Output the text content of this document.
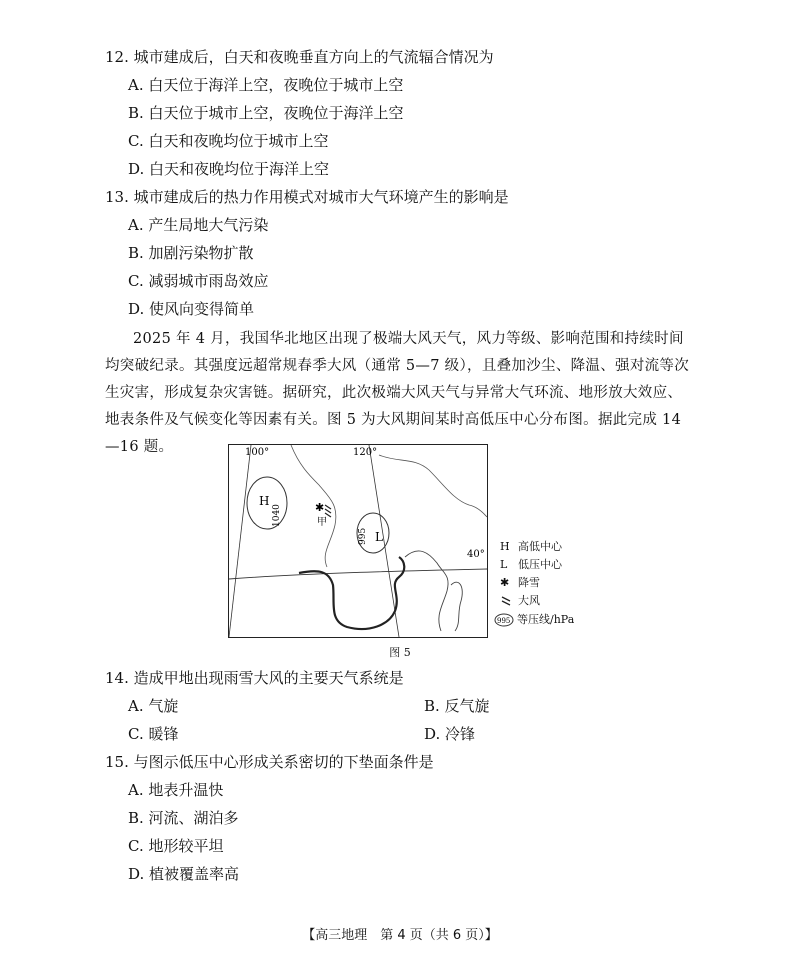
12. 城市建成后，白天和夜晚垂直方向上的气流辐合情况为
A. 白天位于海洋上空，夜晚位于城市上空
B. 白天位于城市上空，夜晚位于海洋上空
C. 白天和夜晚均位于城市上空
D. 白天和夜晚均位于海洋上空
13. 城市建成后的热力作用模式对城市大气环境产生的影响是
A. 产生局地大气污染
B. 加剧污染物扩散
C. 减弱城市雨岛效应
D. 使风向变得简单
2025 年 4 月，我国华北地区出现了极端大风天气，风力等级、影响范围和持续时间均突破纪录。其强度远超常规春季大风（通常 5—7 级），且叠加沙尘、降温、强对流等次生灾害，形成复杂灾害链。据研究，此次极端大风天气与异常大气环流、地形放大效应、地表条件及气候变化等因素有关。图 5 为大风期间某时高低压中心分布图。据此完成 14—16 题。
✱
100°	120°
40°
H
L
甲
1040
995
H 高低中心
L 低压中心
✱ 降雪
大风
995 等压线/hPa
图 5
14. 造成甲地出现雨雪大风的主要天气系统是
A. 气旋	B. 反气旋
C. 暖锋	D. 冷锋
15. 与图示低压中心形成关系密切的下垫面条件是
A. 地表升温快
B. 河流、湖泊多
C. 地形较平坦
D. 植被覆盖率高
【高三地理　第 4 页（共 6 页）】
